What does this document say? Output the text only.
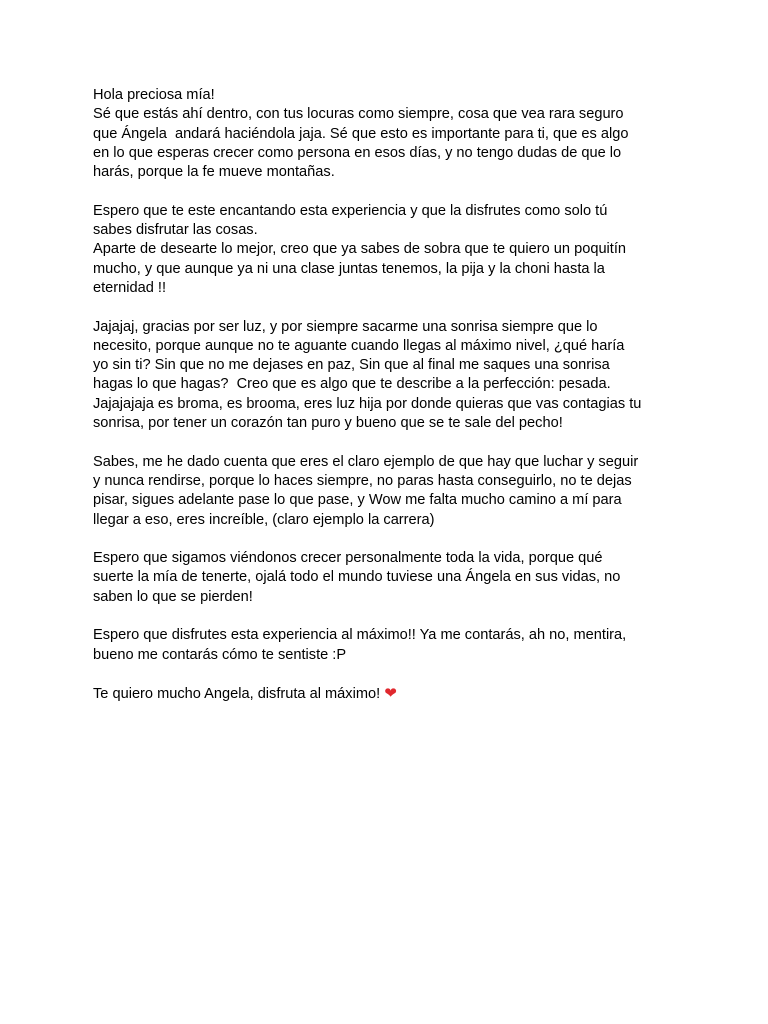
Hola preciosa mía!
Sé que estás ahí dentro, con tus locuras como siempre, cosa que vea rara seguro
que Ángela  andará haciéndola jaja. Sé que esto es importante para ti, que es algo
en lo que esperas crecer como persona en esos días, y no tengo dudas de que lo
harás, porque la fe mueve montañas.
Espero que te este encantando esta experiencia y que la disfrutes como solo tú
sabes disfrutar las cosas.
Aparte de desearte lo mejor, creo que ya sabes de sobra que te quiero un poquitín
mucho, y que aunque ya ni una clase juntas tenemos, la pija y la choni hasta la
eternidad !!
Jajajaj, gracias por ser luz, y por siempre sacarme una sonrisa siempre que lo
necesito, porque aunque no te aguante cuando llegas al máximo nivel, ¿qué haría
yo sin ti? Sin que no me dejases en paz, Sin que al final me saques una sonrisa
hagas lo que hagas?  Creo que es algo que te describe a la perfección: pesada.
Jajajajaja es broma, es brooma, eres luz hija por donde quieras que vas contagias tu
sonrisa, por tener un corazón tan puro y bueno que se te sale del pecho!
Sabes, me he dado cuenta que eres el claro ejemplo de que hay que luchar y seguir
y nunca rendirse, porque lo haces siempre, no paras hasta conseguirlo, no te dejas
pisar, sigues adelante pase lo que pase, y Wow me falta mucho camino a mí para
llegar a eso, eres increíble, (claro ejemplo la carrera)
Espero que sigamos viéndonos crecer personalmente toda la vida, porque qué
suerte la mía de tenerte, ojalá todo el mundo tuviese una Ángela en sus vidas, no
saben lo que se pierden!
Espero que disfrutes esta experiencia al máximo!! Ya me contarás, ah no, mentira,
bueno me contarás cómo te sentiste :P
Te quiero mucho Angela, disfruta al máximo! ❤
